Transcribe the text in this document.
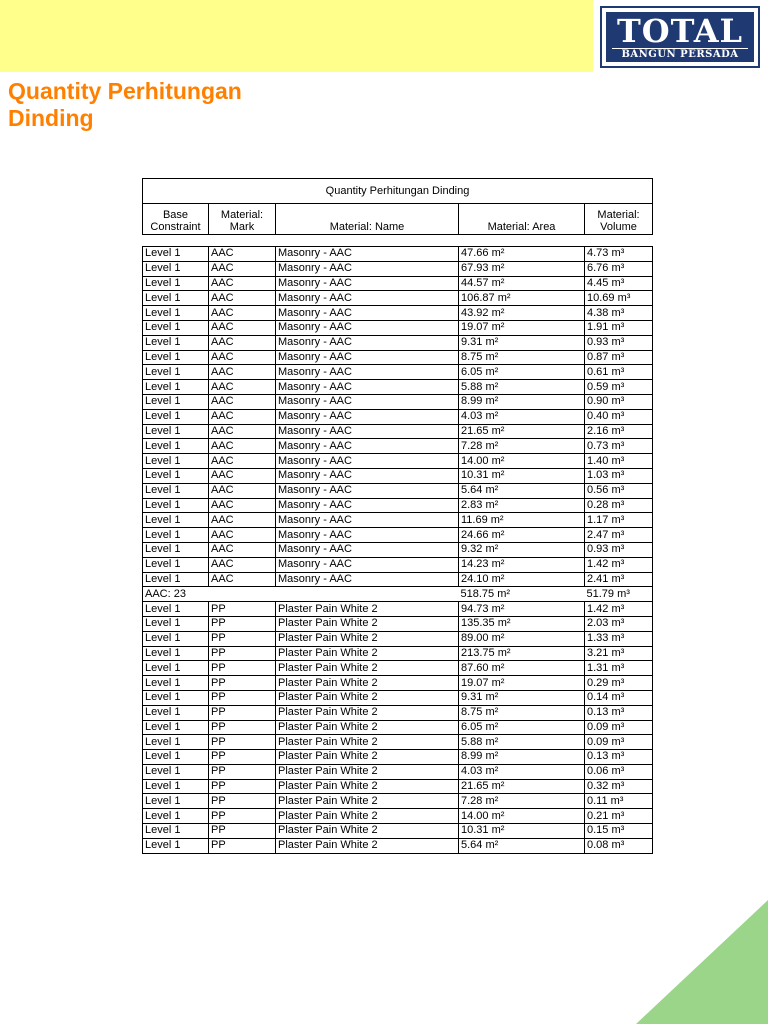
TOTAL
BANGUN PERSADA
Quantity Perhitungan
Dinding
Quantity Perhitungan Dinding
Base Constraint	Material: Mark	Material: Name	Material: Area	Material: Volume
Level 1	AAC	Masonry - AAC	47.66 m²	4.73 m³
Level 1	AAC	Masonry - AAC	67.93 m²	6.76 m³
Level 1	AAC	Masonry - AAC	44.57 m²	4.45 m³
Level 1	AAC	Masonry - AAC	106.87 m²	10.69 m³
Level 1	AAC	Masonry - AAC	43.92 m²	4.38 m³
Level 1	AAC	Masonry - AAC	19.07 m²	1.91 m³
Level 1	AAC	Masonry - AAC	9.31 m²	0.93 m³
Level 1	AAC	Masonry - AAC	8.75 m²	0.87 m³
Level 1	AAC	Masonry - AAC	6.05 m²	0.61 m³
Level 1	AAC	Masonry - AAC	5.88 m²	0.59 m³
Level 1	AAC	Masonry - AAC	8.99 m²	0.90 m³
Level 1	AAC	Masonry - AAC	4.03 m²	0.40 m³
Level 1	AAC	Masonry - AAC	21.65 m²	2.16 m³
Level 1	AAC	Masonry - AAC	7.28 m²	0.73 m³
Level 1	AAC	Masonry - AAC	14.00 m²	1.40 m³
Level 1	AAC	Masonry - AAC	10.31 m²	1.03 m³
Level 1	AAC	Masonry - AAC	5.64 m²	0.56 m³
Level 1	AAC	Masonry - AAC	2.83 m²	0.28 m³
Level 1	AAC	Masonry - AAC	11.69 m²	1.17 m³
Level 1	AAC	Masonry - AAC	24.66 m²	2.47 m³
Level 1	AAC	Masonry - AAC	9.32 m²	0.93 m³
Level 1	AAC	Masonry - AAC	14.23 m²	1.42 m³
Level 1	AAC	Masonry - AAC	24.10 m²	2.41 m³
AAC: 23			518.75 m²	51.79 m³
Level 1	PP	Plaster Pain White 2	94.73 m²	1.42 m³
Level 1	PP	Plaster Pain White 2	135.35 m²	2.03 m³
Level 1	PP	Plaster Pain White 2	89.00 m²	1.33 m³
Level 1	PP	Plaster Pain White 2	213.75 m²	3.21 m³
Level 1	PP	Plaster Pain White 2	87.60 m²	1.31 m³
Level 1	PP	Plaster Pain White 2	19.07 m²	0.29 m³
Level 1	PP	Plaster Pain White 2	9.31 m²	0.14 m³
Level 1	PP	Plaster Pain White 2	8.75 m²	0.13 m³
Level 1	PP	Plaster Pain White 2	6.05 m²	0.09 m³
Level 1	PP	Plaster Pain White 2	5.88 m²	0.09 m³
Level 1	PP	Plaster Pain White 2	8.99 m²	0.13 m³
Level 1	PP	Plaster Pain White 2	4.03 m²	0.06 m³
Level 1	PP	Plaster Pain White 2	21.65 m²	0.32 m³
Level 1	PP	Plaster Pain White 2	7.28 m²	0.11 m³
Level 1	PP	Plaster Pain White 2	14.00 m²	0.21 m³
Level 1	PP	Plaster Pain White 2	10.31 m²	0.15 m³
Level 1	PP	Plaster Pain White 2	5.64 m²	0.08 m³
